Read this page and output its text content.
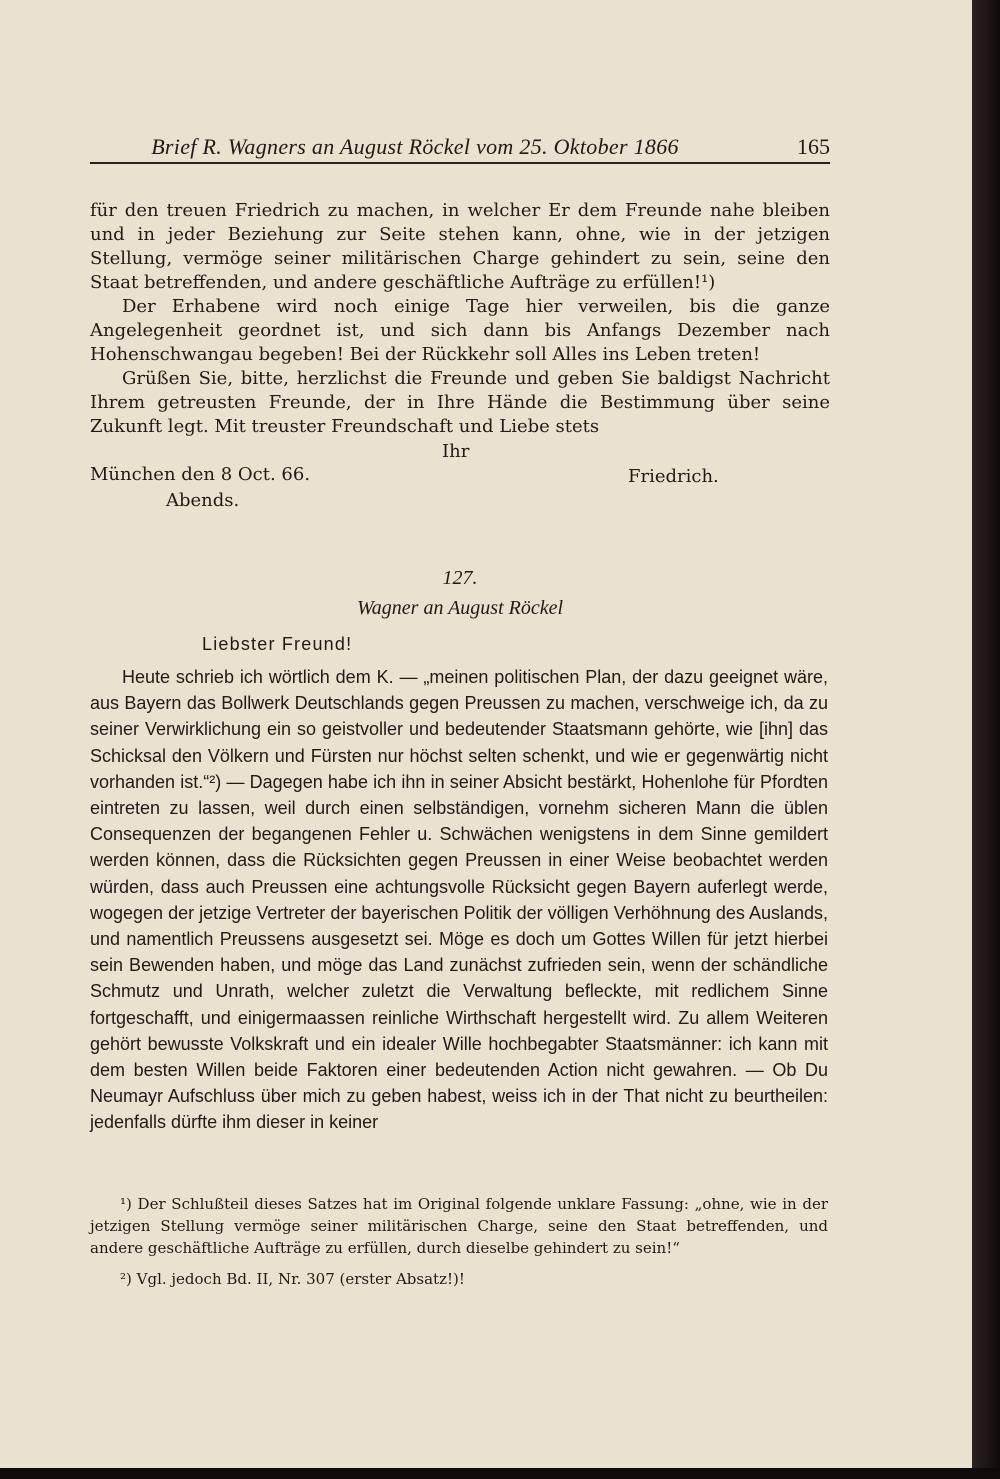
Brief R. Wagners an August Röckel vom 25. Oktober 1866	165
für den treuen Friedrich zu machen, in welcher Er dem Freunde nahe bleiben und in jeder Beziehung zur Seite stehen kann, ohne, wie in der jetzigen Stellung, vermöge seiner militärischen Charge gehindert zu sein, seine den Staat betreffenden, und andere geschäftliche Aufträge zu erfüllen!¹)
Der Erhabene wird noch einige Tage hier verweilen, bis die ganze Angelegenheit geordnet ist, und sich dann bis Anfangs Dezember nach Hohenschwangau begeben! Bei der Rückkehr soll Alles ins Leben treten!
Grüßen Sie, bitte, herzlichst die Freunde und geben Sie baldigst Nachricht Ihrem getreusten Freunde, der in Ihre Hände die Bestimmung über seine Zukunft legt. Mit treuster Freundschaft und Liebe stets
Ihr
München den 8 Oct. 66.
Abends.
Friedrich.
127.
Wagner an August Röckel
Liebster Freund!
Heute schrieb ich wörtlich dem K. — „meinen politischen Plan, der dazu geeignet wäre, aus Bayern das Bollwerk Deutschlands gegen Preussen zu machen, verschweige ich, da zu seiner Verwirklichung ein so geistvoller und bedeutender Staatsmann gehörte, wie [ihn] das Schicksal den Völkern und Fürsten nur höchst selten schenkt, und wie er gegenwärtig nicht vorhanden ist.“²) — Dagegen habe ich ihn in seiner Absicht bestärkt, Hohenlohe für Pfordten eintreten zu lassen, weil durch einen selbständigen, vornehm sicheren Mann die üblen Consequenzen der begangenen Fehler u. Schwächen wenigstens in dem Sinne gemildert werden können, dass die Rücksichten gegen Preussen in einer Weise beobachtet werden würden, dass auch Preussen eine achtungsvolle Rücksicht gegen Bayern auferlegt werde, wogegen der jetzige Vertreter der bayerischen Politik der völligen Verhöhnung des Auslands, und namentlich Preussens ausgesetzt sei. Möge es doch um Gottes Willen für jetzt hierbei sein Bewenden haben, und möge das Land zunächst zufrieden sein, wenn der schändliche Schmutz und Unrath, welcher zuletzt die Verwaltung befleckte, mit redlichem Sinne fortgeschafft, und einigermaassen reinliche Wirthschaft hergestellt wird. Zu allem Weiteren gehört bewusste Volkskraft und ein idealer Wille hochbegabter Staatsmänner: ich kann mit dem besten Willen beide Faktoren einer bedeutenden Action nicht gewahren. — Ob Du Neumayr Aufschluss über mich zu geben habest, weiss ich in der That nicht zu beurtheilen: jedenfalls dürfte ihm dieser in keiner
¹) Der Schlußteil dieses Satzes hat im Original folgende unklare Fassung: „ohne, wie in der jetzigen Stellung vermöge seiner militärischen Charge, seine den Staat betreffenden, und andere geschäftliche Aufträge zu erfüllen, durch dieselbe gehindert zu sein!“
²) Vgl. jedoch Bd. II, Nr. 307 (erster Absatz!)!
